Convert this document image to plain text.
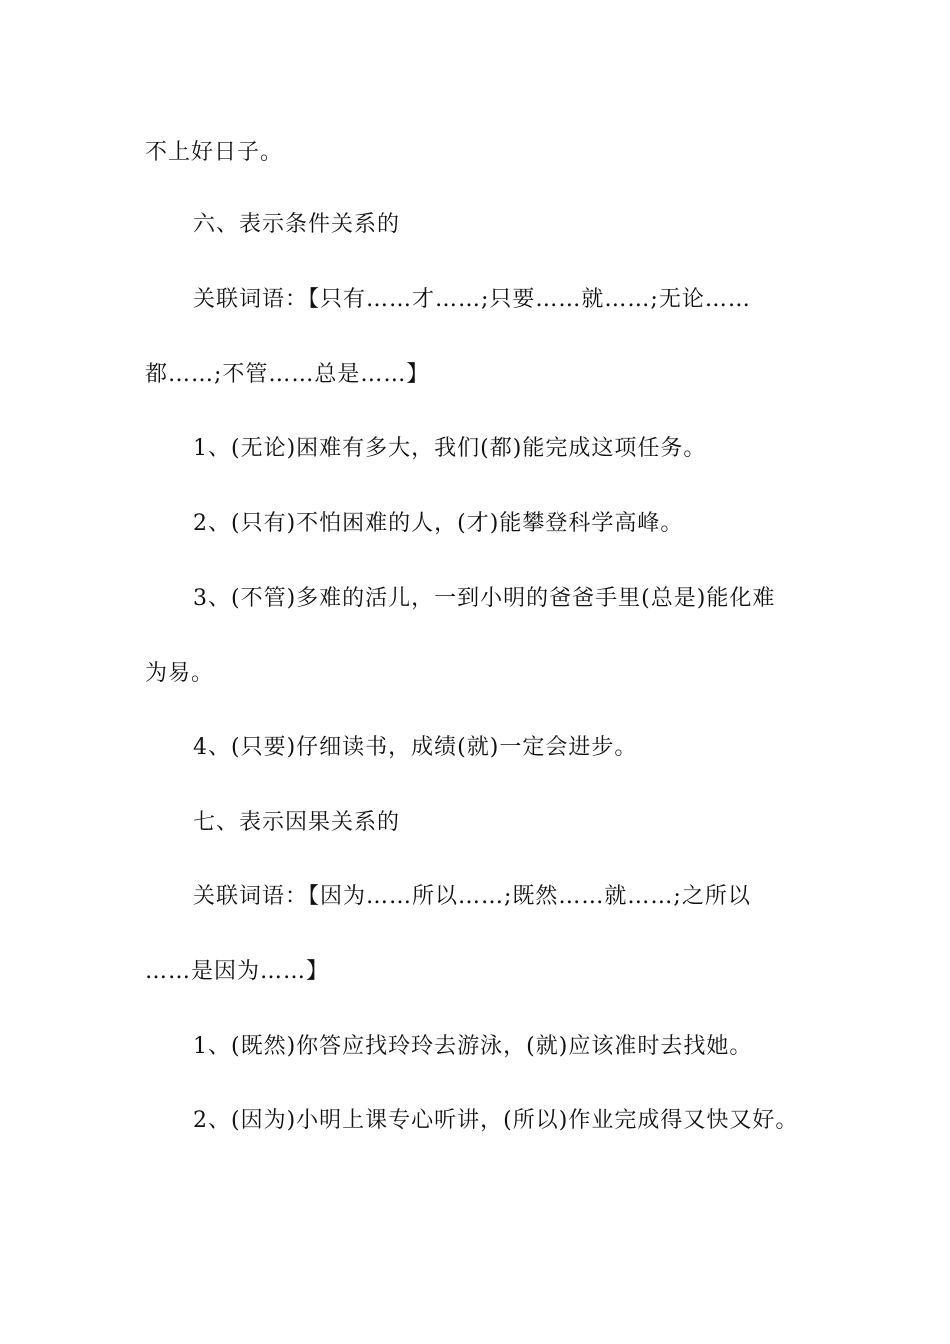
不上好日子。
六、表示条件关系的
关联词语：【只有……才……;只要……就……;无论……
都……;不管……总是……】
1、(无论)困难有多大，我们(都)能完成这项任务。
2、(只有)不怕困难的人，(才)能攀登科学高峰。
3、(不管)多难的活儿，一到小明的爸爸手里(总是)能化难
为易。
4、(只要)仔细读书，成绩(就)一定会进步。
七、表示因果关系的
关联词语：【因为……所以……;既然……就……;之所以
……是因为……】
1、(既然)你答应找玲玲去游泳，(就)应该准时去找她。
2、(因为)小明上课专心听讲，(所以)作业完成得又快又好。
